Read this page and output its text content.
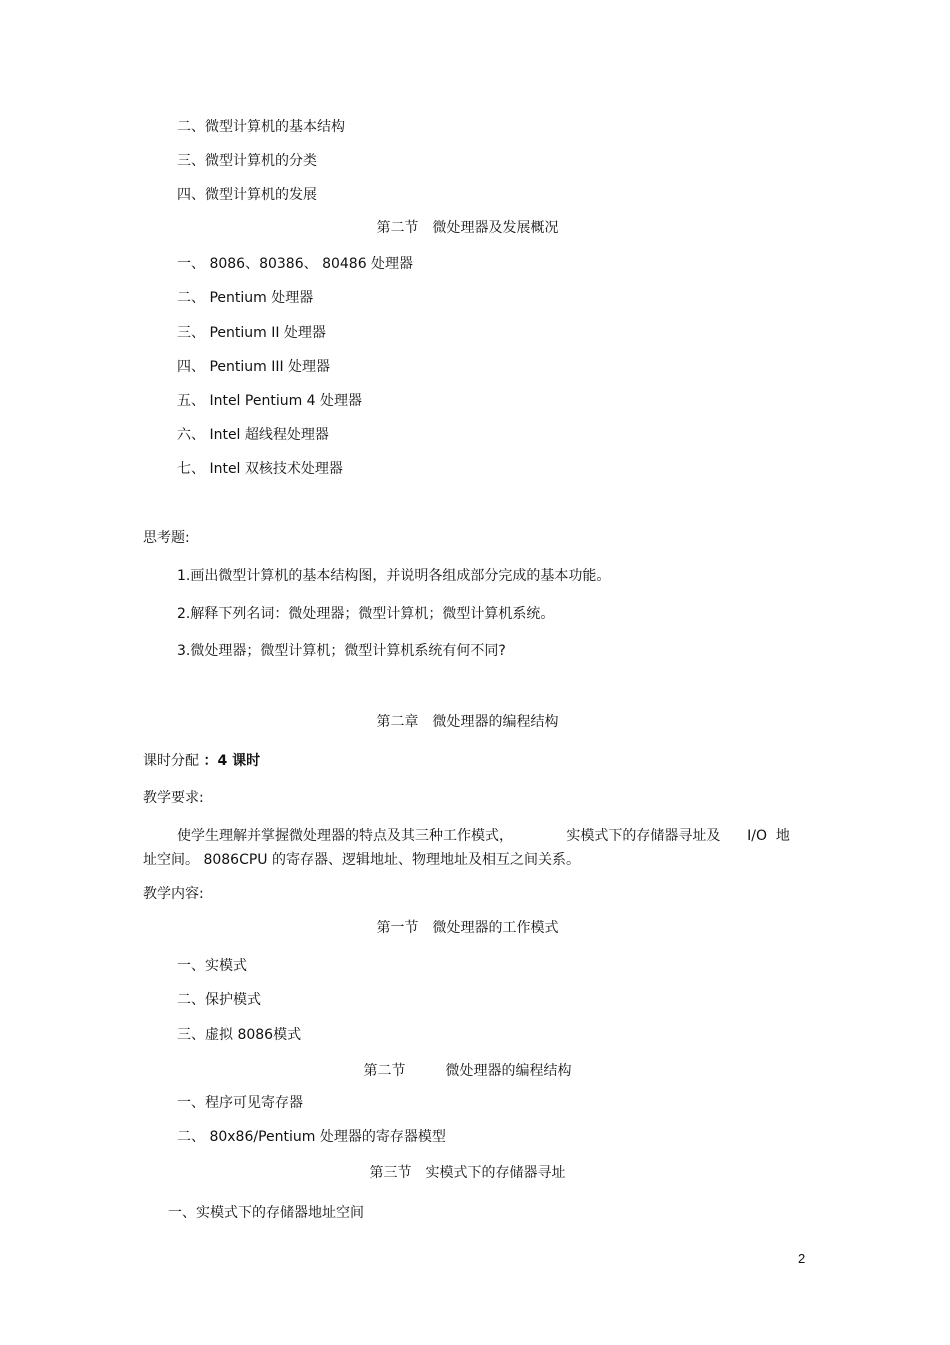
二、微型计算机的基本结构
三、微型计算机的分类
四、微型计算机的发展
第二节 微处理器及发展概况
一、 8086、80386、 80486 处理器
二、 Pentium 处理器
三、 Pentium II 处理器
四、 Pentium III 处理器
五、 Intel Pentium 4 处理器
六、 Intel 超线程处理器
七、 Intel 双核技术处理器
思考题:
1.画出微型计算机的基本结构图，并说明各组成部分完成的基本功能。
2.解释下列名词：微处理器；微型计算机；微型计算机系统。
3.微处理器；微型计算机；微型计算机系统有何不同?
第二章 微处理器的编程结构
课时分配 ：4 课时
教学要求:
使学生理解并掌握微处理器的特点及其三种工作模式，            实模式下的存储器寻址及      I/O  地
址空间。 8086CPU 的寄存器、逻辑地址、物理地址及相互之间关系。
教学内容:
第一节 微处理器的工作模式
一、实模式
二、保护模式
三、虚拟 8086模式
第二节	微处理器的编程结构
一、程序可见寄存器
二、 80x86/Pentium 处理器的寄存器模型
第三节 实模式下的存储器寻址
一、实模式下的存储器地址空间
2
